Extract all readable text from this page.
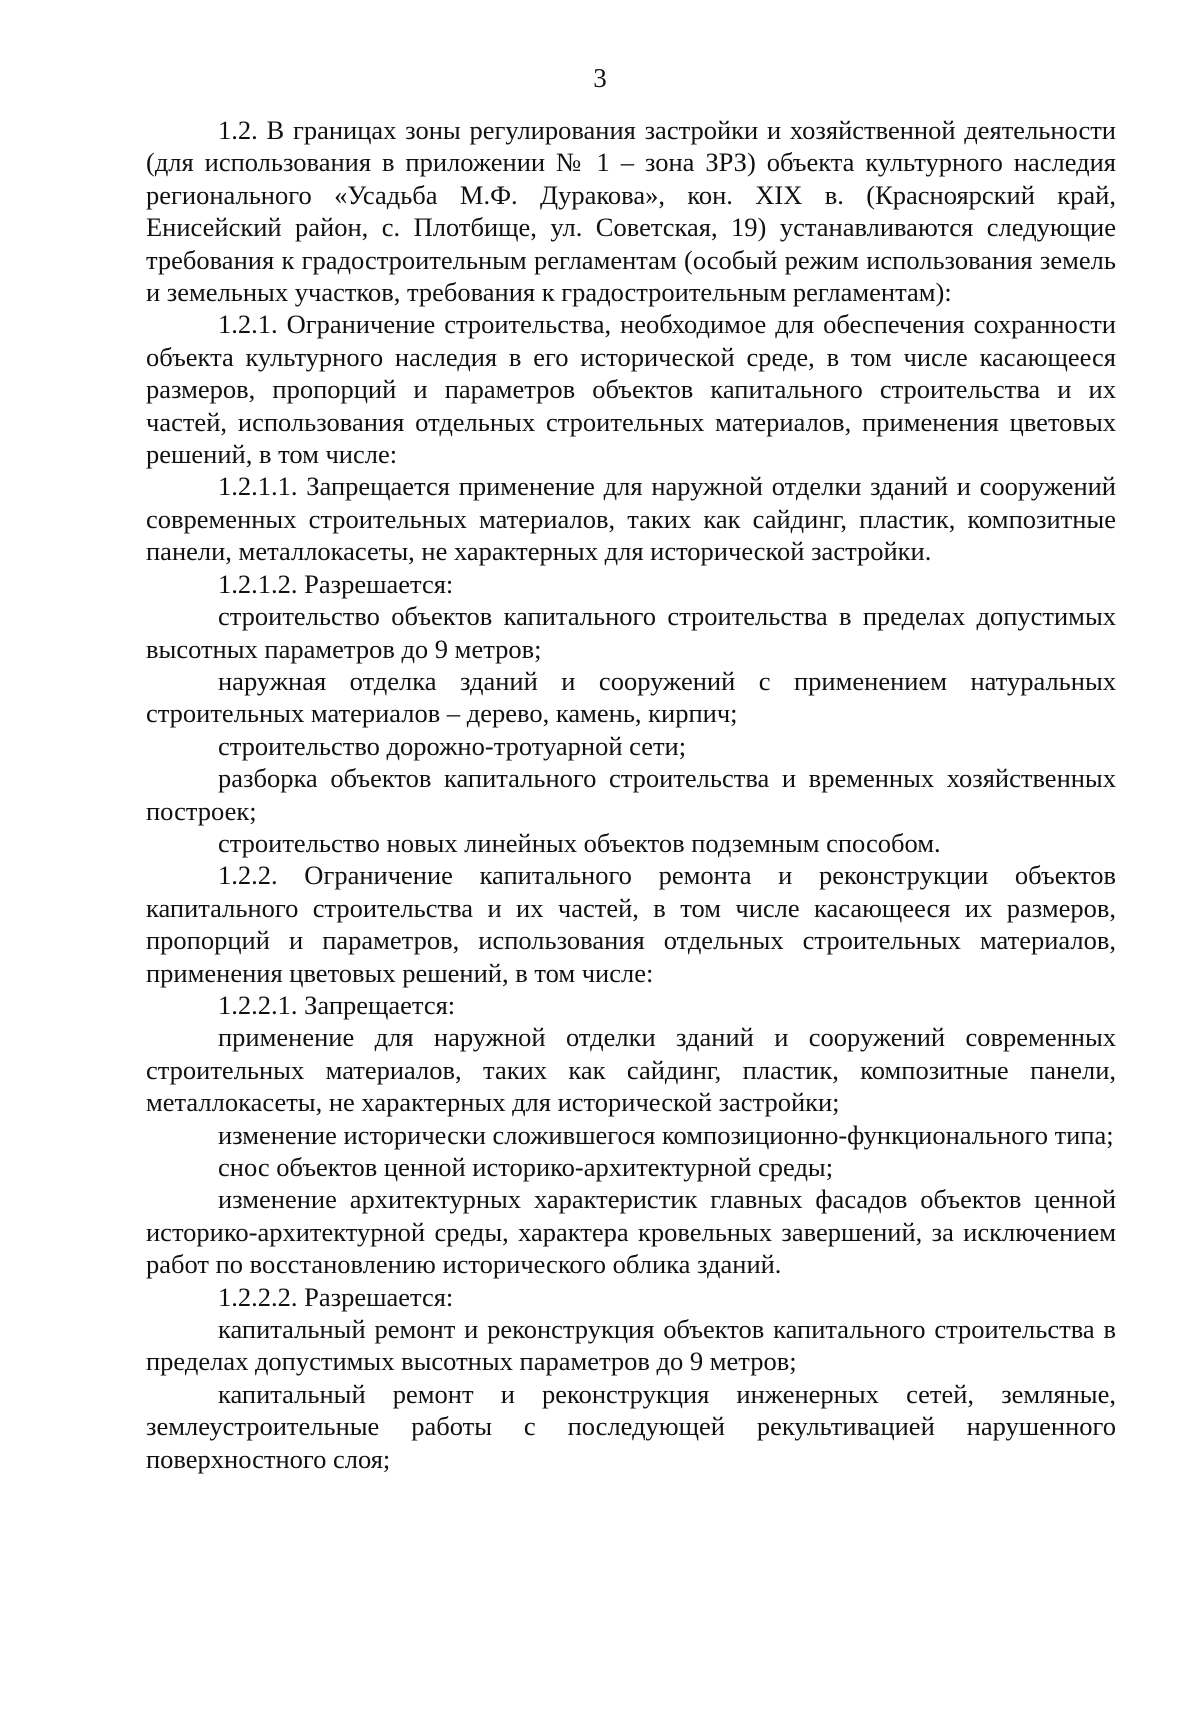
3

1.2. В границах зоны регулирования застройки и хозяйственной деятельности (для использования в приложении № 1 – зона ЗРЗ) объекта культурного наследия регионального «Усадьба М.Ф. Дуракова», кон. XIX в. (Красноярский край, Енисейский район, с. Плотбище, ул. Советская, 19) устанавливаются следующие требования к градостроительным регламентам (особый режим использования земель и земельных участков, требования к градостроительным регламентам):

1.2.1. Ограничение строительства, необходимое для обеспечения сохранности объекта культурного наследия в его исторической среде, в том числе касающееся размеров, пропорций и параметров объектов капитального строительства и их частей, использования отдельных строительных материалов, применения цветовых решений, в том числе:

1.2.1.1. Запрещается применение для наружной отделки зданий и сооружений современных строительных материалов, таких как сайдинг, пластик, композитные панели, металлокасеты, не характерных для исторической застройки.

1.2.1.2. Разрешается:

строительство объектов капитального строительства в пределах допустимых высотных параметров до 9 метров;

наружная отделка зданий и сооружений с применением натуральных строительных материалов – дерево, камень, кирпич;

строительство дорожно-тротуарной сети;

разборка объектов капитального строительства и временных хозяйственных построек;

строительство новых линейных объектов подземным способом.

1.2.2. Ограничение капитального ремонта и реконструкции объектов капитального строительства и их частей, в том числе касающееся их размеров, пропорций и параметров, использования отдельных строительных материалов, применения цветовых решений, в том числе:

1.2.2.1. Запрещается:

применение для наружной отделки зданий и сооружений современных строительных материалов, таких как сайдинг, пластик, композитные панели, металлокасеты, не характерных для исторической застройки;

изменение исторически сложившегося композиционно-функционального типа;

снос объектов ценной историко-архитектурной среды;

изменение архитектурных характеристик главных фасадов объектов ценной историко-архитектурной среды, характера кровельных завершений, за исключением работ по восстановлению исторического облика зданий.

1.2.2.2. Разрешается:

капитальный ремонт и реконструкция объектов капитального строительства в пределах допустимых высотных параметров до 9 метров;

капитальный ремонт и реконструкция инженерных сетей, земляные, землеустроительные работы с последующей рекультивацией нарушенного поверхностного слоя;
